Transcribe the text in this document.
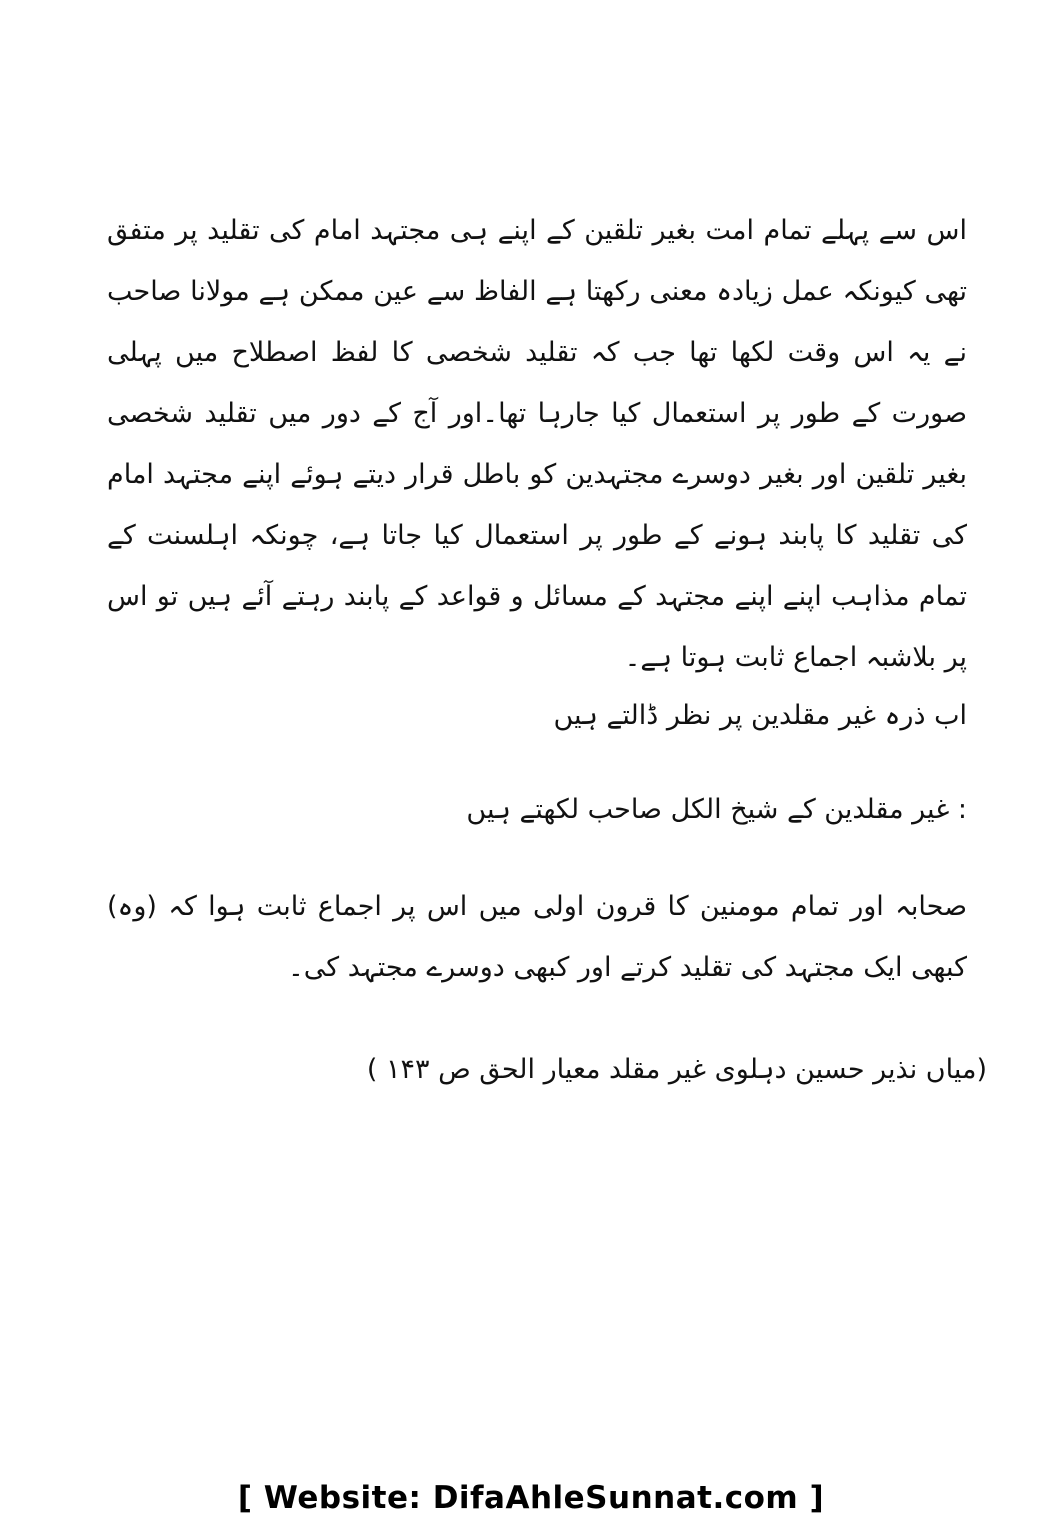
اس سے پہلے تمام امت بغیر تلقین کے اپنے ہی مجتہد امام کی تقلید پر متفق تھی کیونکہ عمل زیادہ معنی رکھتا ہے الفاظ سے عین ممکن ہے مولانا صاحب نے یہ اس وقت لکھا تھا جب کہ تقلید شخصی کا لفظ اصطلاح میں پہلی صورت کے طور پر استعمال کیا جارہا تھا۔اور آج کے دور میں تقلید شخصی بغیر تلقین اور بغیر دوسرے مجتہدین کو باطل قرار دیتے ہوئے اپنے مجتہد امام کی تقلید کا پابند ہونے کے طور پر استعمال کیا جاتا ہے، چونکہ اہلسنت کے تمام مذاہب اپنے اپنے مجتہد کے مسائل و قواعد کے پابند رہتے آئے ہیں تو اس پر بلاشبہ اجماع ثابت ہوتا ہے۔

اب ذرہ غیر مقلدین پر نظر ڈالتے ہیں

: غیر مقلدین کے شیخ الکل صاحب لکھتے ہیں

صحابہ اور تمام مومنین کا قرون اولی میں اس پر اجماع ثابت ہوا کہ (وہ) کبھی ایک مجتہد کی تقلید کرتے اور کبھی دوسرے مجتہد کی۔

(میاں نذیر حسین دہلوی غیر مقلد معیار الحق ص ۱۴۳ )

[ Website: DifaAhleSunnat.com ]
